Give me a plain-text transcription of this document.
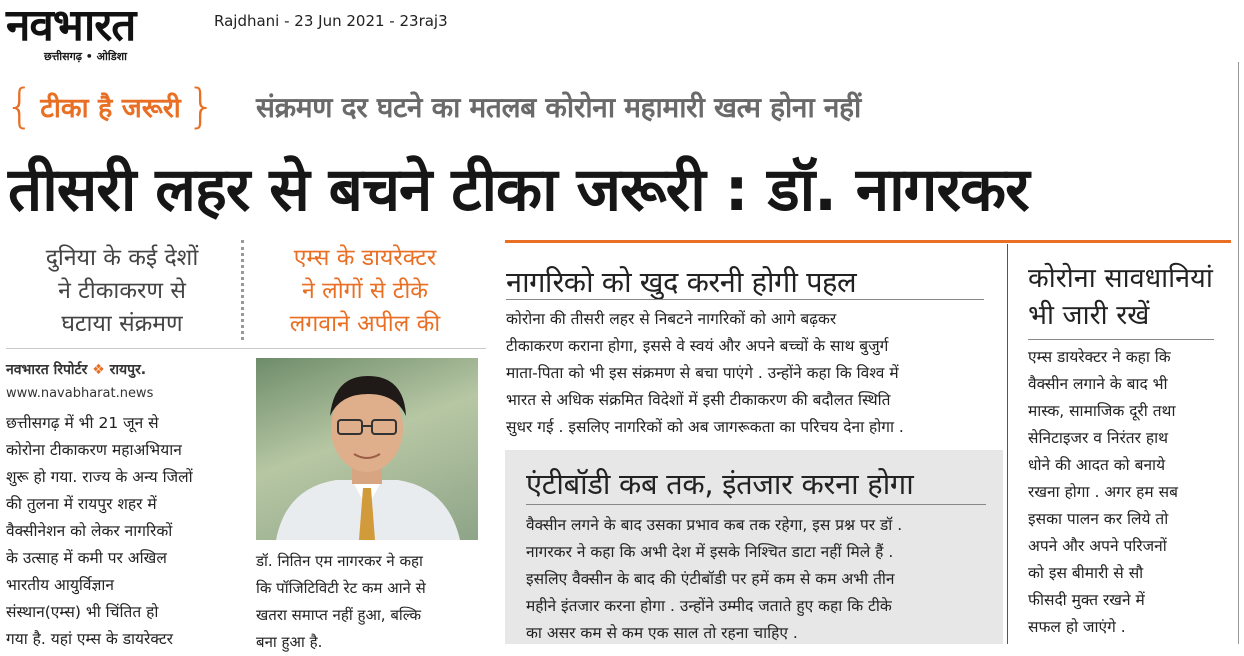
नवभारत
छत्तीसगढ़ • ओडिशा
Rajdhani - 23 Jun 2021 - 23raj3
{ टीका है जरूरी } संक्रमण दर घटने का मतलब कोरोना महामारी खत्म होना नहीं
तीसरी लहर से बचने टीका जरूरी : डॉ. नागरकर
दुनिया के कई देशों
ने टीकाकरण से
घटाया संक्रमण
एम्स के डायरेक्टर
ने लोगों से टीके
लगवाने अपील की
नवभारत रिपोर्टर ❖ रायपुर.
www.navabharat.news
छत्तीसगढ़ में भी 21 जून से
कोरोना टीकाकरण महाअभियान
शुरू हो गया. राज्य के अन्य जिलों
की तुलना में रायपुर शहर में
वैक्सीनेशन को लेकर नागरिकों
के उत्साह में कमी पर अखिल
भारतीय आयुर्विज्ञान
संस्थान(एम्स) भी चिंतित हो
गया है. यहां एम्स के डायरेक्टर
डॉ. नितिन एम नागरकर ने कहा
कि पॉजिटिविटी रेट कम आने से
खतरा समाप्त नहीं हुआ, बल्कि
बना हुआ है.
नागरिको को खुद करनी होगी पहल
कोरोना की तीसरी लहर से निबटने नागरिकों को आगे बढ़कर
टीकाकरण कराना होगा, इससे वे स्वयं और अपने बच्चों के साथ बुजुर्ग
माता-पिता को भी इस संक्रमण से बचा पाएंगे . उन्होंने कहा कि विश्व में
भारत से अधिक संक्रमित विदेशों में इसी टीकाकरण की बदौलत स्थिति
सुधर गई . इसलिए नागरिकों को अब जागरूकता का परिचय देना होगा .
एंटीबॉडी कब तक, इंतजार करना होगा
वैक्सीन लगने के बाद उसका प्रभाव कब तक रहेगा, इस प्रश्न पर डॉ .
नागरकर ने कहा कि अभी देश में इसके निश्चित डाटा नहीं मिले हैं .
इसलिए वैक्सीन के बाद की एंटीबॉडी पर हमें कम से कम अभी तीन
महीने इंतजार करना होगा . उन्होंने उम्मीद जताते हुए कहा कि टीके
का असर कम से कम एक साल तो रहना चाहिए .
कोरोना सावधानियां
भी जारी रखें
एम्स डायरेक्टर ने कहा कि
वैक्सीन लगाने के बाद भी
मास्क, सामाजिक दूरी तथा
सेनिटाइजर व निरंतर हाथ
धोने की आदत को बनाये
रखना होगा . अगर हम सब
इसका पालन कर लिये तो
अपने और अपने परिजनों
को इस बीमारी से सौ
फीसदी मुक्त रखने में
सफल हो जाएंगे .
